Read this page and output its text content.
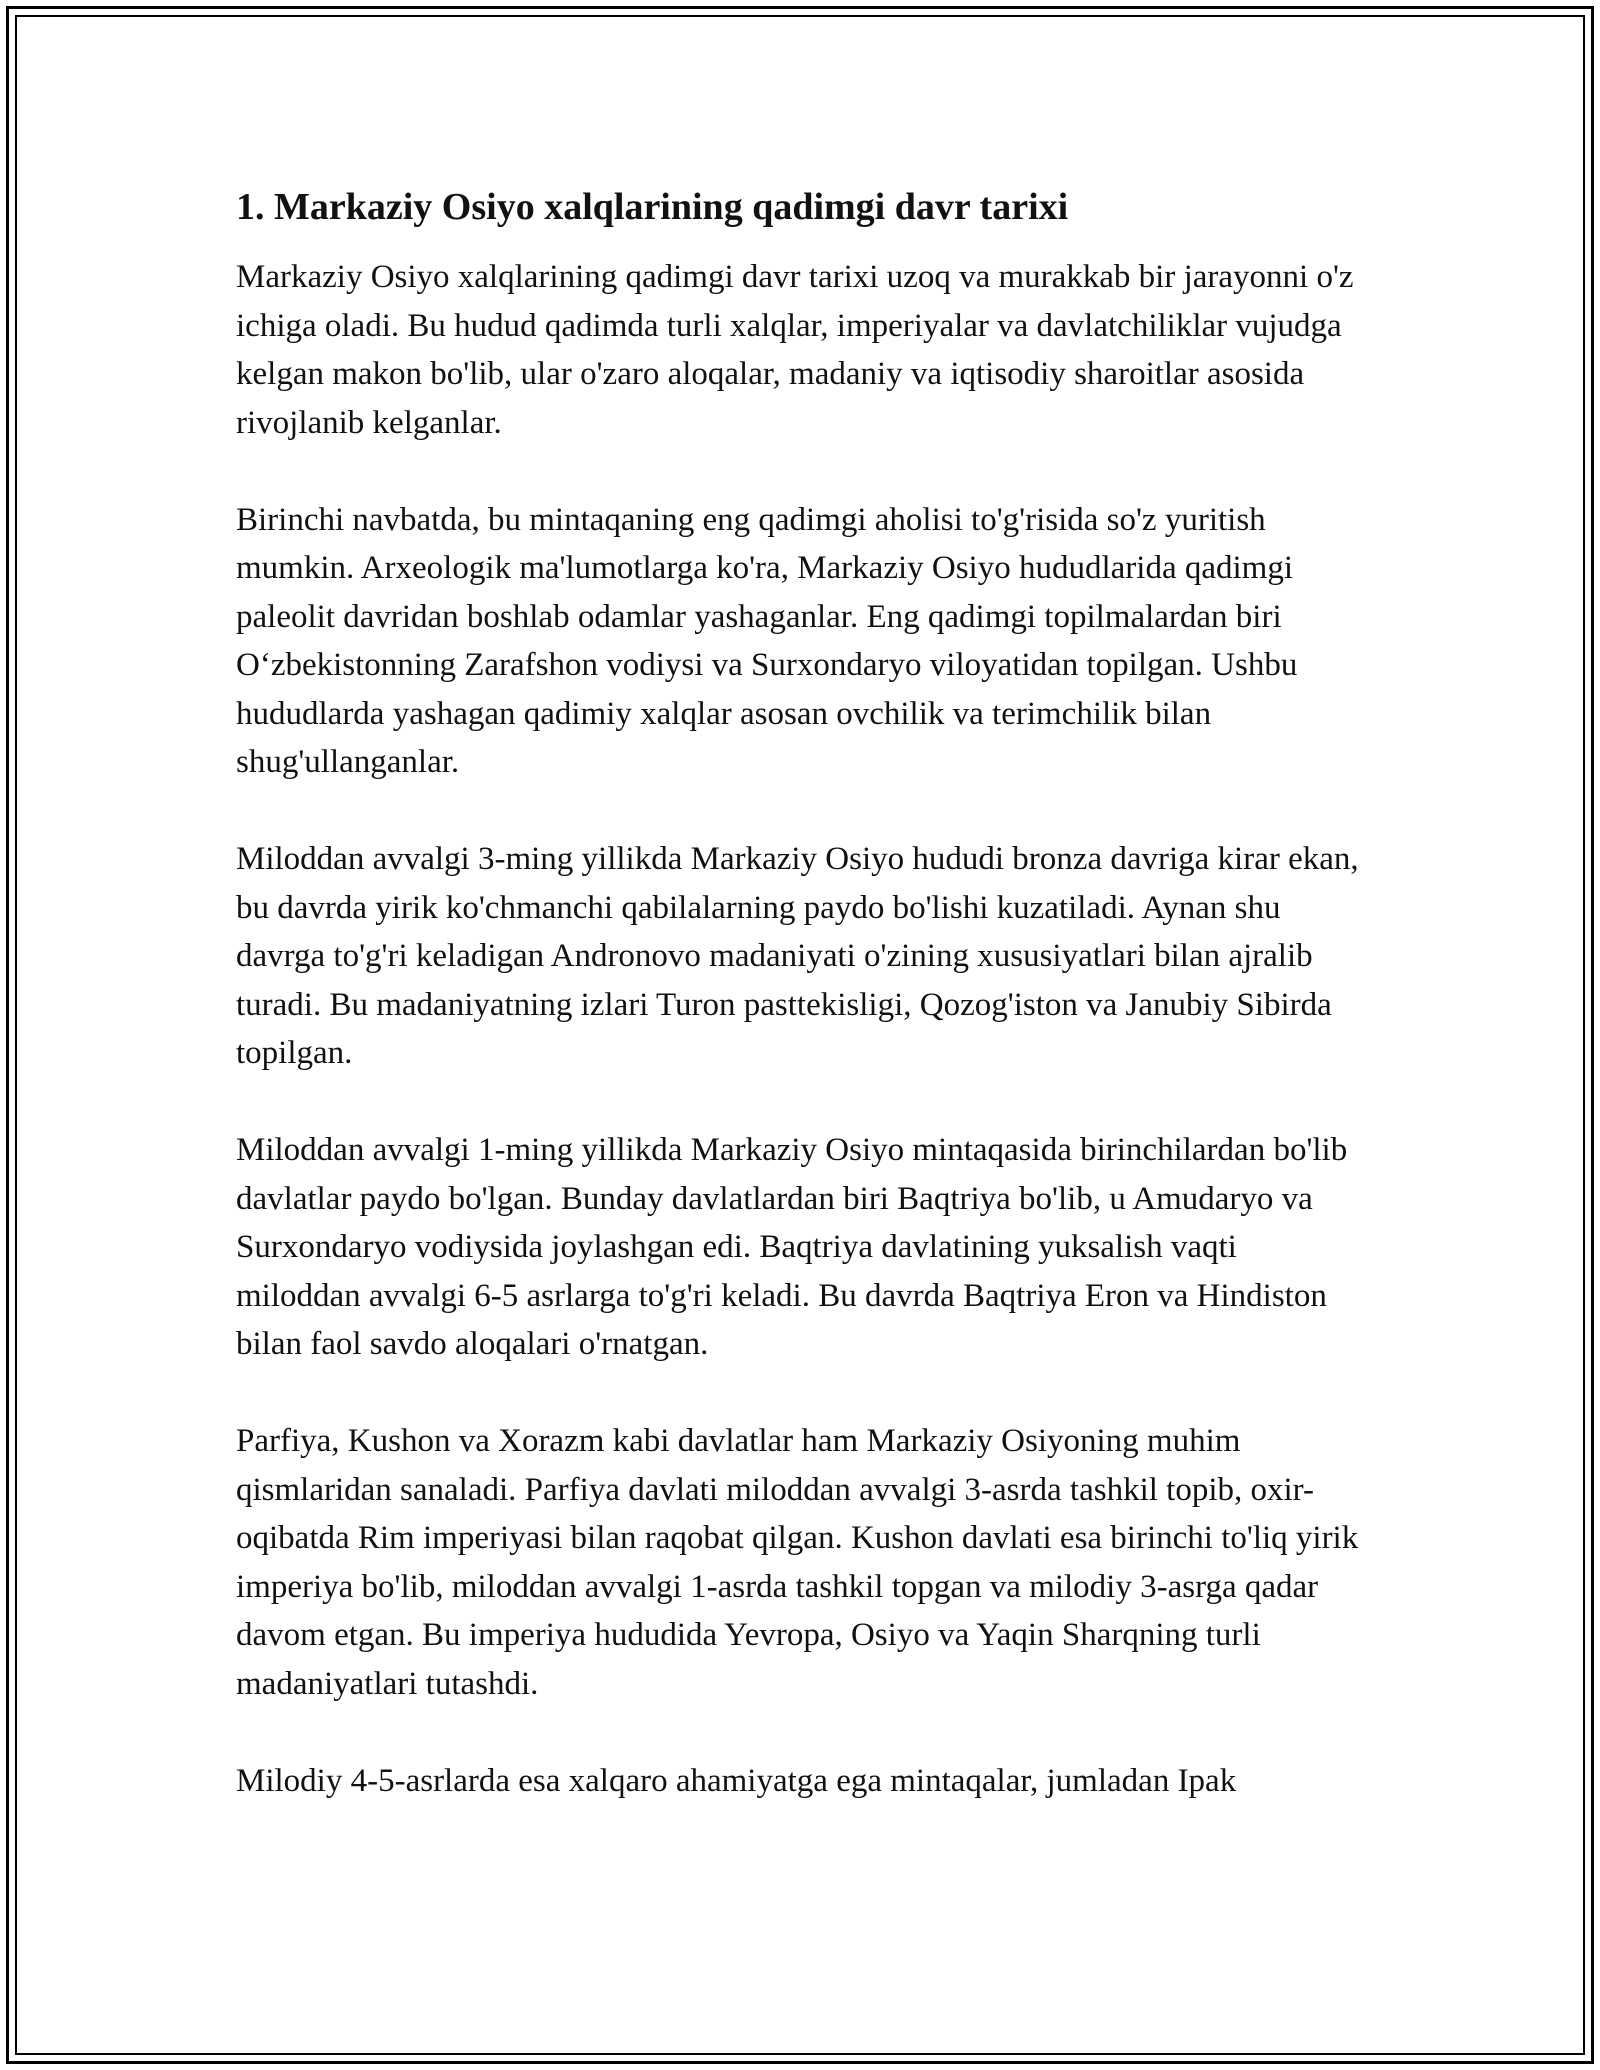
1. Markaziy Osiyo xalqlarining qadimgi davr tarixi

Markaziy Osiyo xalqlarining qadimgi davr tarixi uzoq va murakkab bir jarayonni o'z ichiga oladi. Bu hudud qadimda turli xalqlar, imperiyalar va davlatchiliklar vujudga kelgan makon bo'lib, ular o'zaro aloqalar, madaniy va iqtisodiy sharoitlar asosida rivojlanib kelganlar.

Birinchi navbatda, bu mintaqaning eng qadimgi aholisi to'g'risida so'z yuritish mumkin. Arxeologik ma'lumotlarga ko'ra, Markaziy Osiyo hududlarida qadimgi paleolit davridan boshlab odamlar yashaganlar. Eng qadimgi topilmalardan biri O‘zbekistonning Zarafshon vodiysi va Surxondaryo viloyatidan topilgan. Ushbu hududlarda yashagan qadimiy xalqlar asosan ovchilik va terimchilik bilan shug'ullanganlar.

Miloddan avvalgi 3-ming yillikda Markaziy Osiyo hududi bronza davriga kirar ekan, bu davrda yirik ko'chmanchi qabilalarning paydo bo'lishi kuzatiladi. Aynan shu davrga to'g'ri keladigan Andronovo madaniyati o'zining xususiyatlari bilan ajralib turadi. Bu madaniyatning izlari Turon pasttekisligi, Qozog'iston va Janubiy Sibirda topilgan.

Miloddan avvalgi 1-ming yillikda Markaziy Osiyo mintaqasida birinchilardan bo'lib davlatlar paydo bo'lgan. Bunday davlatlardan biri Baqtriya bo'lib, u Amudaryo va Surxondaryo vodiysida joylashgan edi. Baqtriya davlatining yuksalish vaqti miloddan avvalgi 6-5 asrlarga to'g'ri keladi. Bu davrda Baqtriya Eron va Hindiston bilan faol savdo aloqalari o'rnatgan.

Parfiya, Kushon va Xorazm kabi davlatlar ham Markaziy Osiyoning muhim qismlaridan sanaladi. Parfiya davlati miloddan avvalgi 3-asrda tashkil topib, oxir-oqibatda Rim imperiyasi bilan raqobat qilgan. Kushon davlati esa birinchi to'liq yirik imperiya bo'lib, miloddan avvalgi 1-asrda tashkil topgan va milodiy 3-asrga qadar davom etgan. Bu imperiya hududida Yevropa, Osiyo va Yaqin Sharqning turli madaniyatlari tutashdi.

Milodiy 4-5-asrlarda esa xalqaro ahamiyatga ega mintaqalar, jumladan Ipak
